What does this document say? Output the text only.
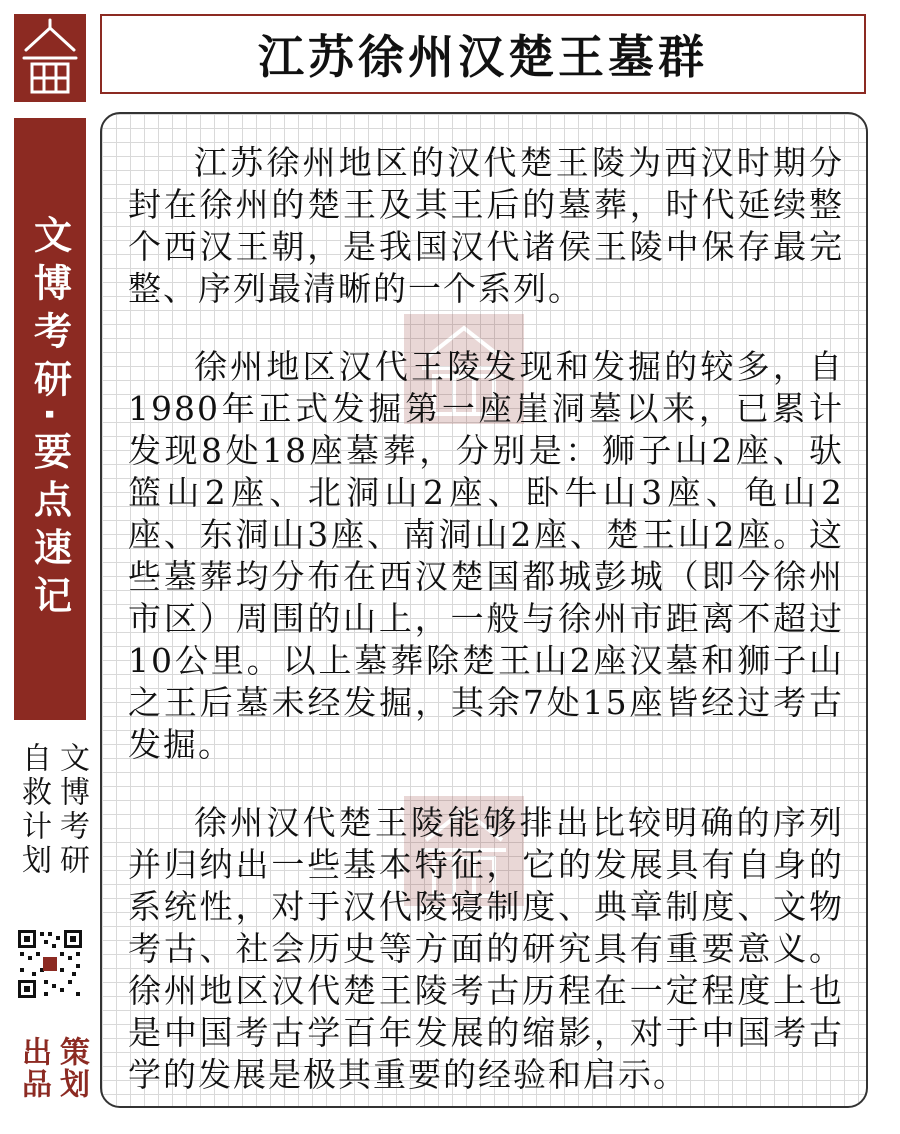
江苏徐州汉楚王墓群
文博考研·要点速记
文博考研
自救计划
策划
出品

江苏徐州地区的汉代楚王陵为西汉时期分封在徐州的楚王及其王后的墓葬，时代延续整个西汉王朝，是我国汉代诸侯王陵中保存最完整、序列最清晰的一个系列。

徐州地区汉代王陵发现和发掘的较多，自1980年正式发掘第一座崖洞墓以来，已累计发现8处18座墓葬，分别是：狮子山2座、驮篮山2座、北洞山2座、卧牛山3座、龟山2座、东洞山3座、南洞山2座、楚王山2座。这些墓葬均分布在西汉楚国都城彭城（即今徐州市区）周围的山上，一般与徐州市距离不超过10公里。以上墓葬除楚王山2座汉墓和狮子山之王后墓未经发掘，其余7处15座皆经过考古发掘。

徐州汉代楚王陵能够排出比较明确的序列并归纳出一些基本特征，它的发展具有自身的系统性，对于汉代陵寝制度、典章制度、文物考古、社会历史等方面的研究具有重要意义。徐州地区汉代楚王陵考古历程在一定程度上也是中国考古学百年发展的缩影，对于中国考古学的发展是极其重要的经验和启示。
